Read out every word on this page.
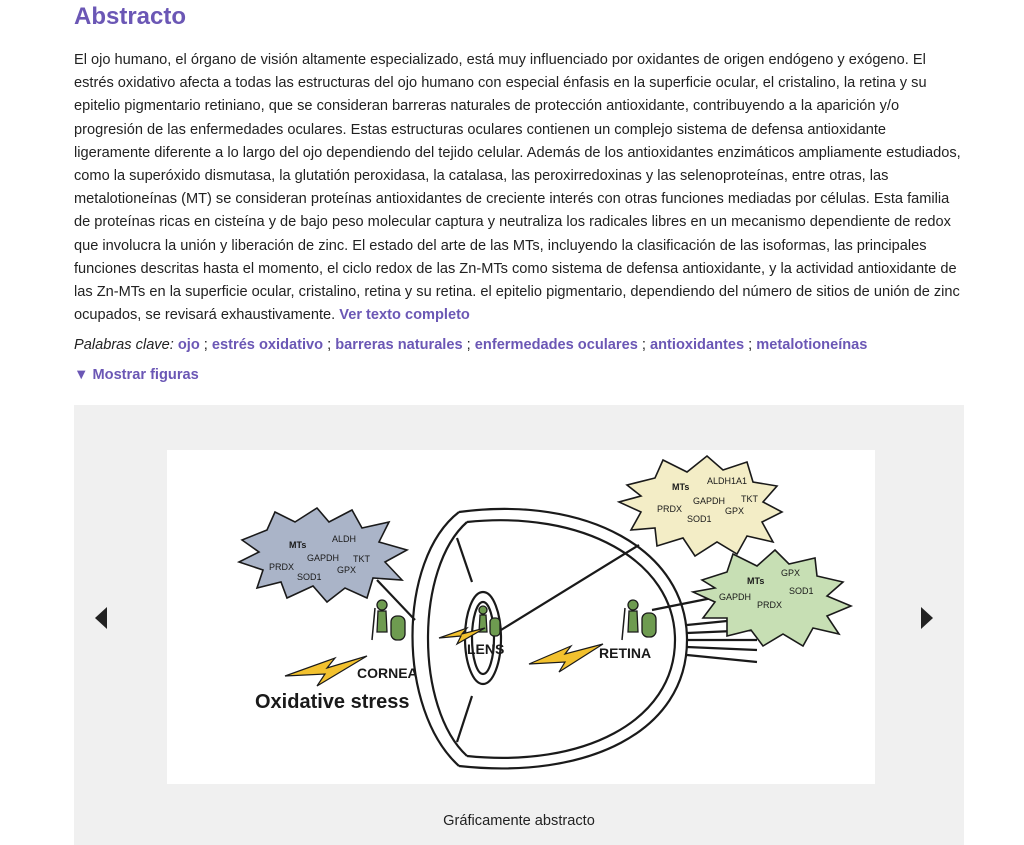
Abstracto

El ojo humano, el órgano de visión altamente especializado, está muy influenciado por oxidantes de origen endógeno y exógeno. El estrés oxidativo afecta a todas las estructuras del ojo humano con especial énfasis en la superficie ocular, el cristalino, la retina y su epitelio pigmentario retiniano, que se consideran barreras naturales de protección antioxidante, contribuyendo a la aparición y/o progresión de las enfermedades oculares. Estas estructuras oculares contienen un complejo sistema de defensa antioxidante ligeramente diferente a lo largo del ojo dependiendo del tejido celular. Además de los antioxidantes enzimáticos ampliamente estudiados, como la superóxido dismutasa, la glutatión peroxidasa, la catalasa, las peroxirredoxinas y las selenoproteínas, entre otras, las metalotioneínas (MT) se consideran proteínas antioxidantes de creciente interés con otras funciones mediadas por células. Esta familia de proteínas ricas en cisteína y de bajo peso molecular captura y neutraliza los radicales libres en un mecanismo dependiente de redox que involucra la unión y liberación de zinc. El estado del arte de las MTs, incluyendo la clasificación de las isoformas, las principales funciones descritas hasta el momento, el ciclo redox de las Zn-MTs como sistema de defensa antioxidante, y la actividad antioxidante de las Zn-MTs en la superficie ocular, cristalino, retina y su retina. el epitelio pigmentario, dependiendo del número de sitios de unión de zinc ocupados, se revisará exhaustivamente. Ver texto completo

Palabras clave: ojo ; estrés oxidativo ; barreras naturales ; enfermedades oculares ; antioxidantes ; metalotioneínas
▼ Mostrar figuras
MTs
ALDH
GAPDH TKT
PRDX	GPX
SOD1
MTs
ALDH1A1
GAPDH TKT
PRDX	GPX
SOD1
MTs
GPX
GAPDH
SOD1
PRDX
CORNEA
LENS	RETINA
Oxidative stress
Gráficamente abstracto
